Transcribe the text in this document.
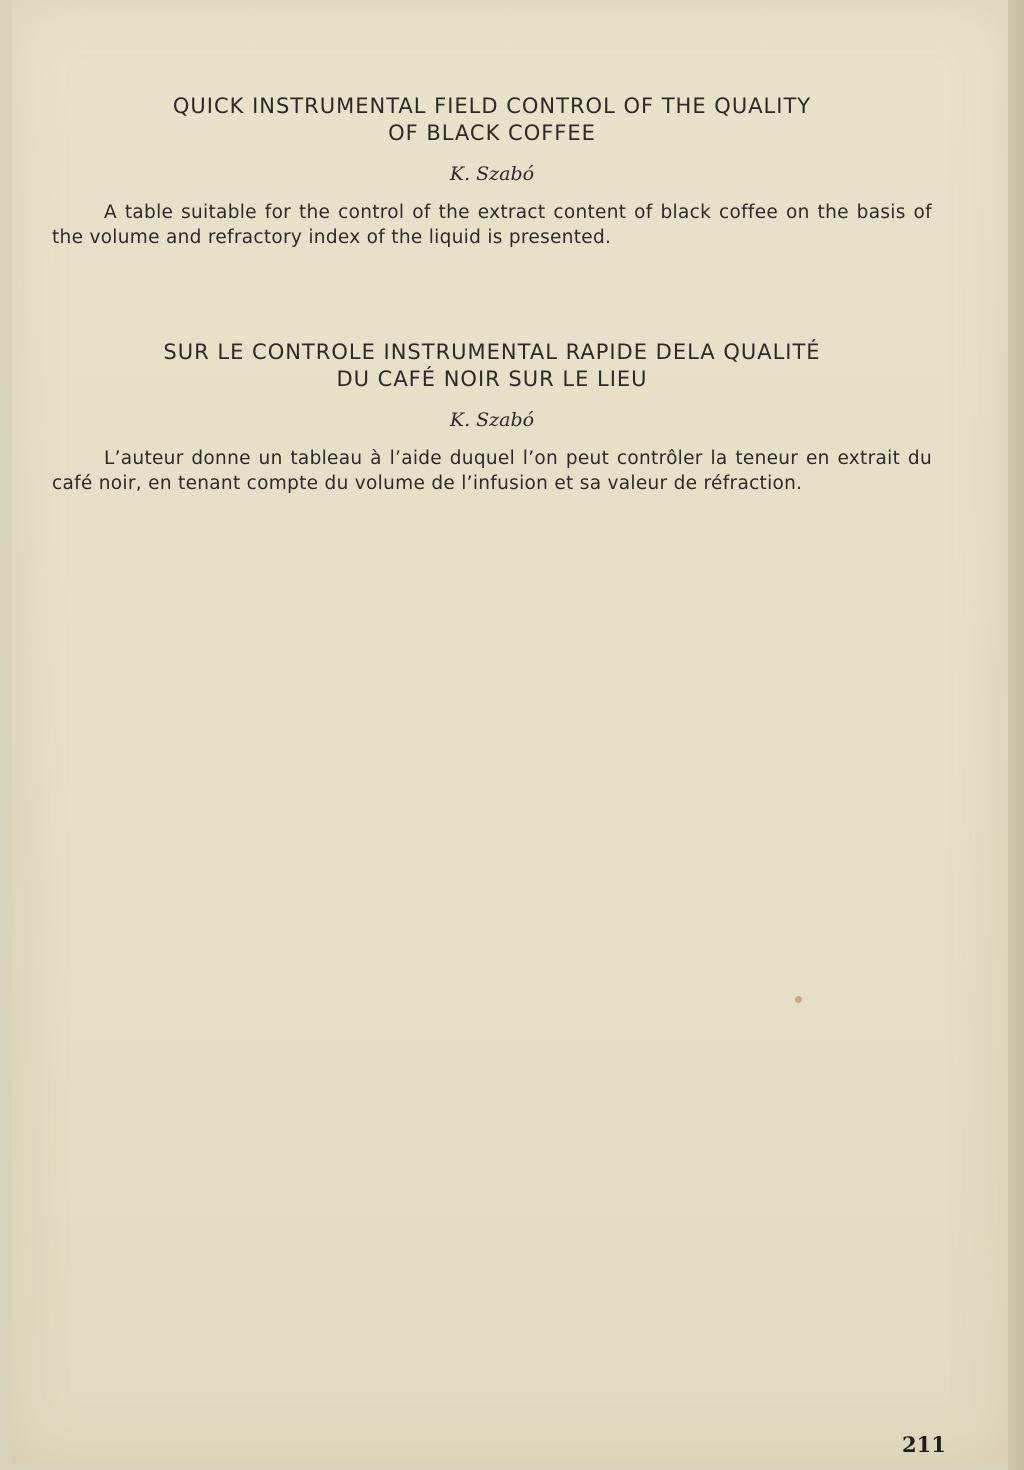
QUICK INSTRUMENTAL FIELD CONTROL OF THE QUALITY
OF BLACK COFFEE

K. Szabó

A table suitable for the control of the extract content of black coffee on the basis of the volume and refractory index of the liquid is presented.

SUR LE CONTROLE INSTRUMENTAL RAPIDE DELA QUALITÉ
DU CAFÉ NOIR SUR LE LIEU

K. Szabó

L’auteur donne un tableau à l’aide duquel l’on peut contrôler la teneur en extrait du café noir, en tenant compte du volume de l’infusion et sa valeur de réfraction.

211
